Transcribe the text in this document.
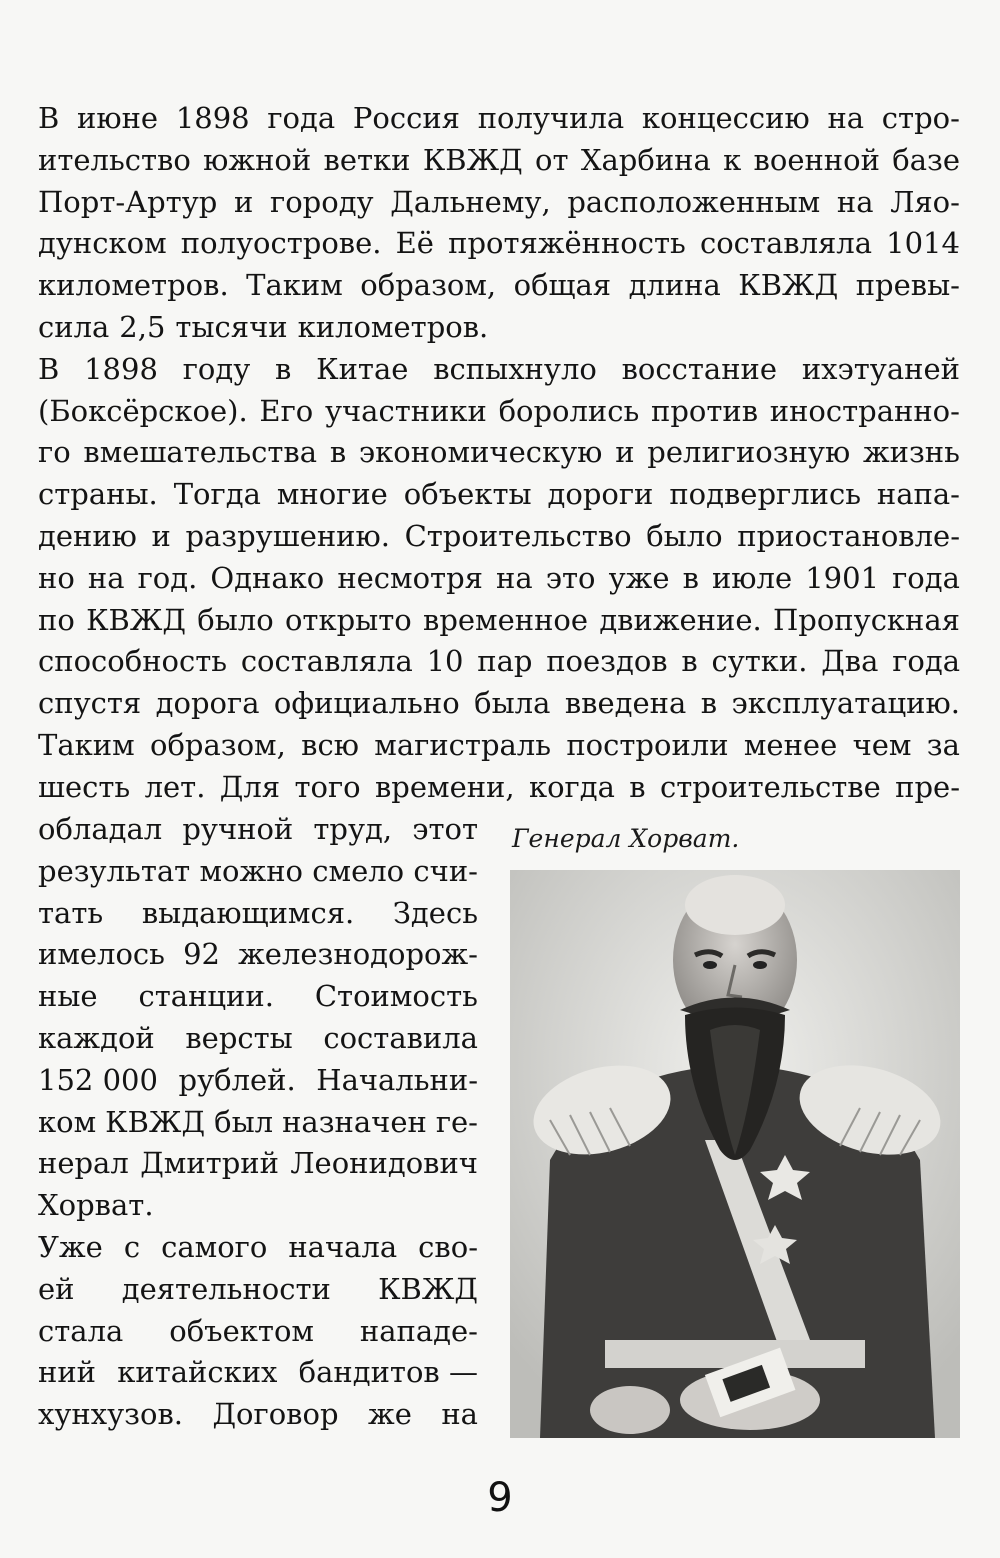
В июне 1898 года Россия получила концессию на стро-
ительство южной ветки КВЖД от Харбина к военной базе
Порт-Артур и городу Дальнему, расположенным на Ляо-
дунском полуострове. Её протяжённость составляла 1014
километров. Таким образом, общая длина КВЖД превы-
сила 2,5 тысячи километров.
В 1898 году в Китае вспыхнуло восстание ихэтуаней
(Боксёрское). Его участники боролись против иностранно-
го вмешательства в экономическую и религиозную жизнь
страны. Тогда многие объекты дороги подверглись напа-
дению и разрушению. Строительство было приостановле-
но на год. Однако несмотря на это уже в июле 1901 года
по КВЖД было открыто временное движение. Пропускная
способность составляла 10 пар поездов в сутки. Два года
спустя дорога официально была введена в эксплуатацию.
Таким образом, всю магистраль построили менее чем за
шесть лет. Для того времени, когда в строительстве пре-
обладал ручной труд, этот
результат можно смело счи-
тать выдающимся. Здесь
имелось 92 железнодорож-
ные станции. Стоимость
каждой версты составила
152 000 рублей. Начальни-
ком КВЖД был назначен ге-
нерал Дмитрий Леонидович
Хорват.
Уже с самого начала сво-
ей деятельности КВЖД
стала объектом нападе-
ний китайских бандитов —
хунхузов. Договор же на
Генерал Хорват.
9
